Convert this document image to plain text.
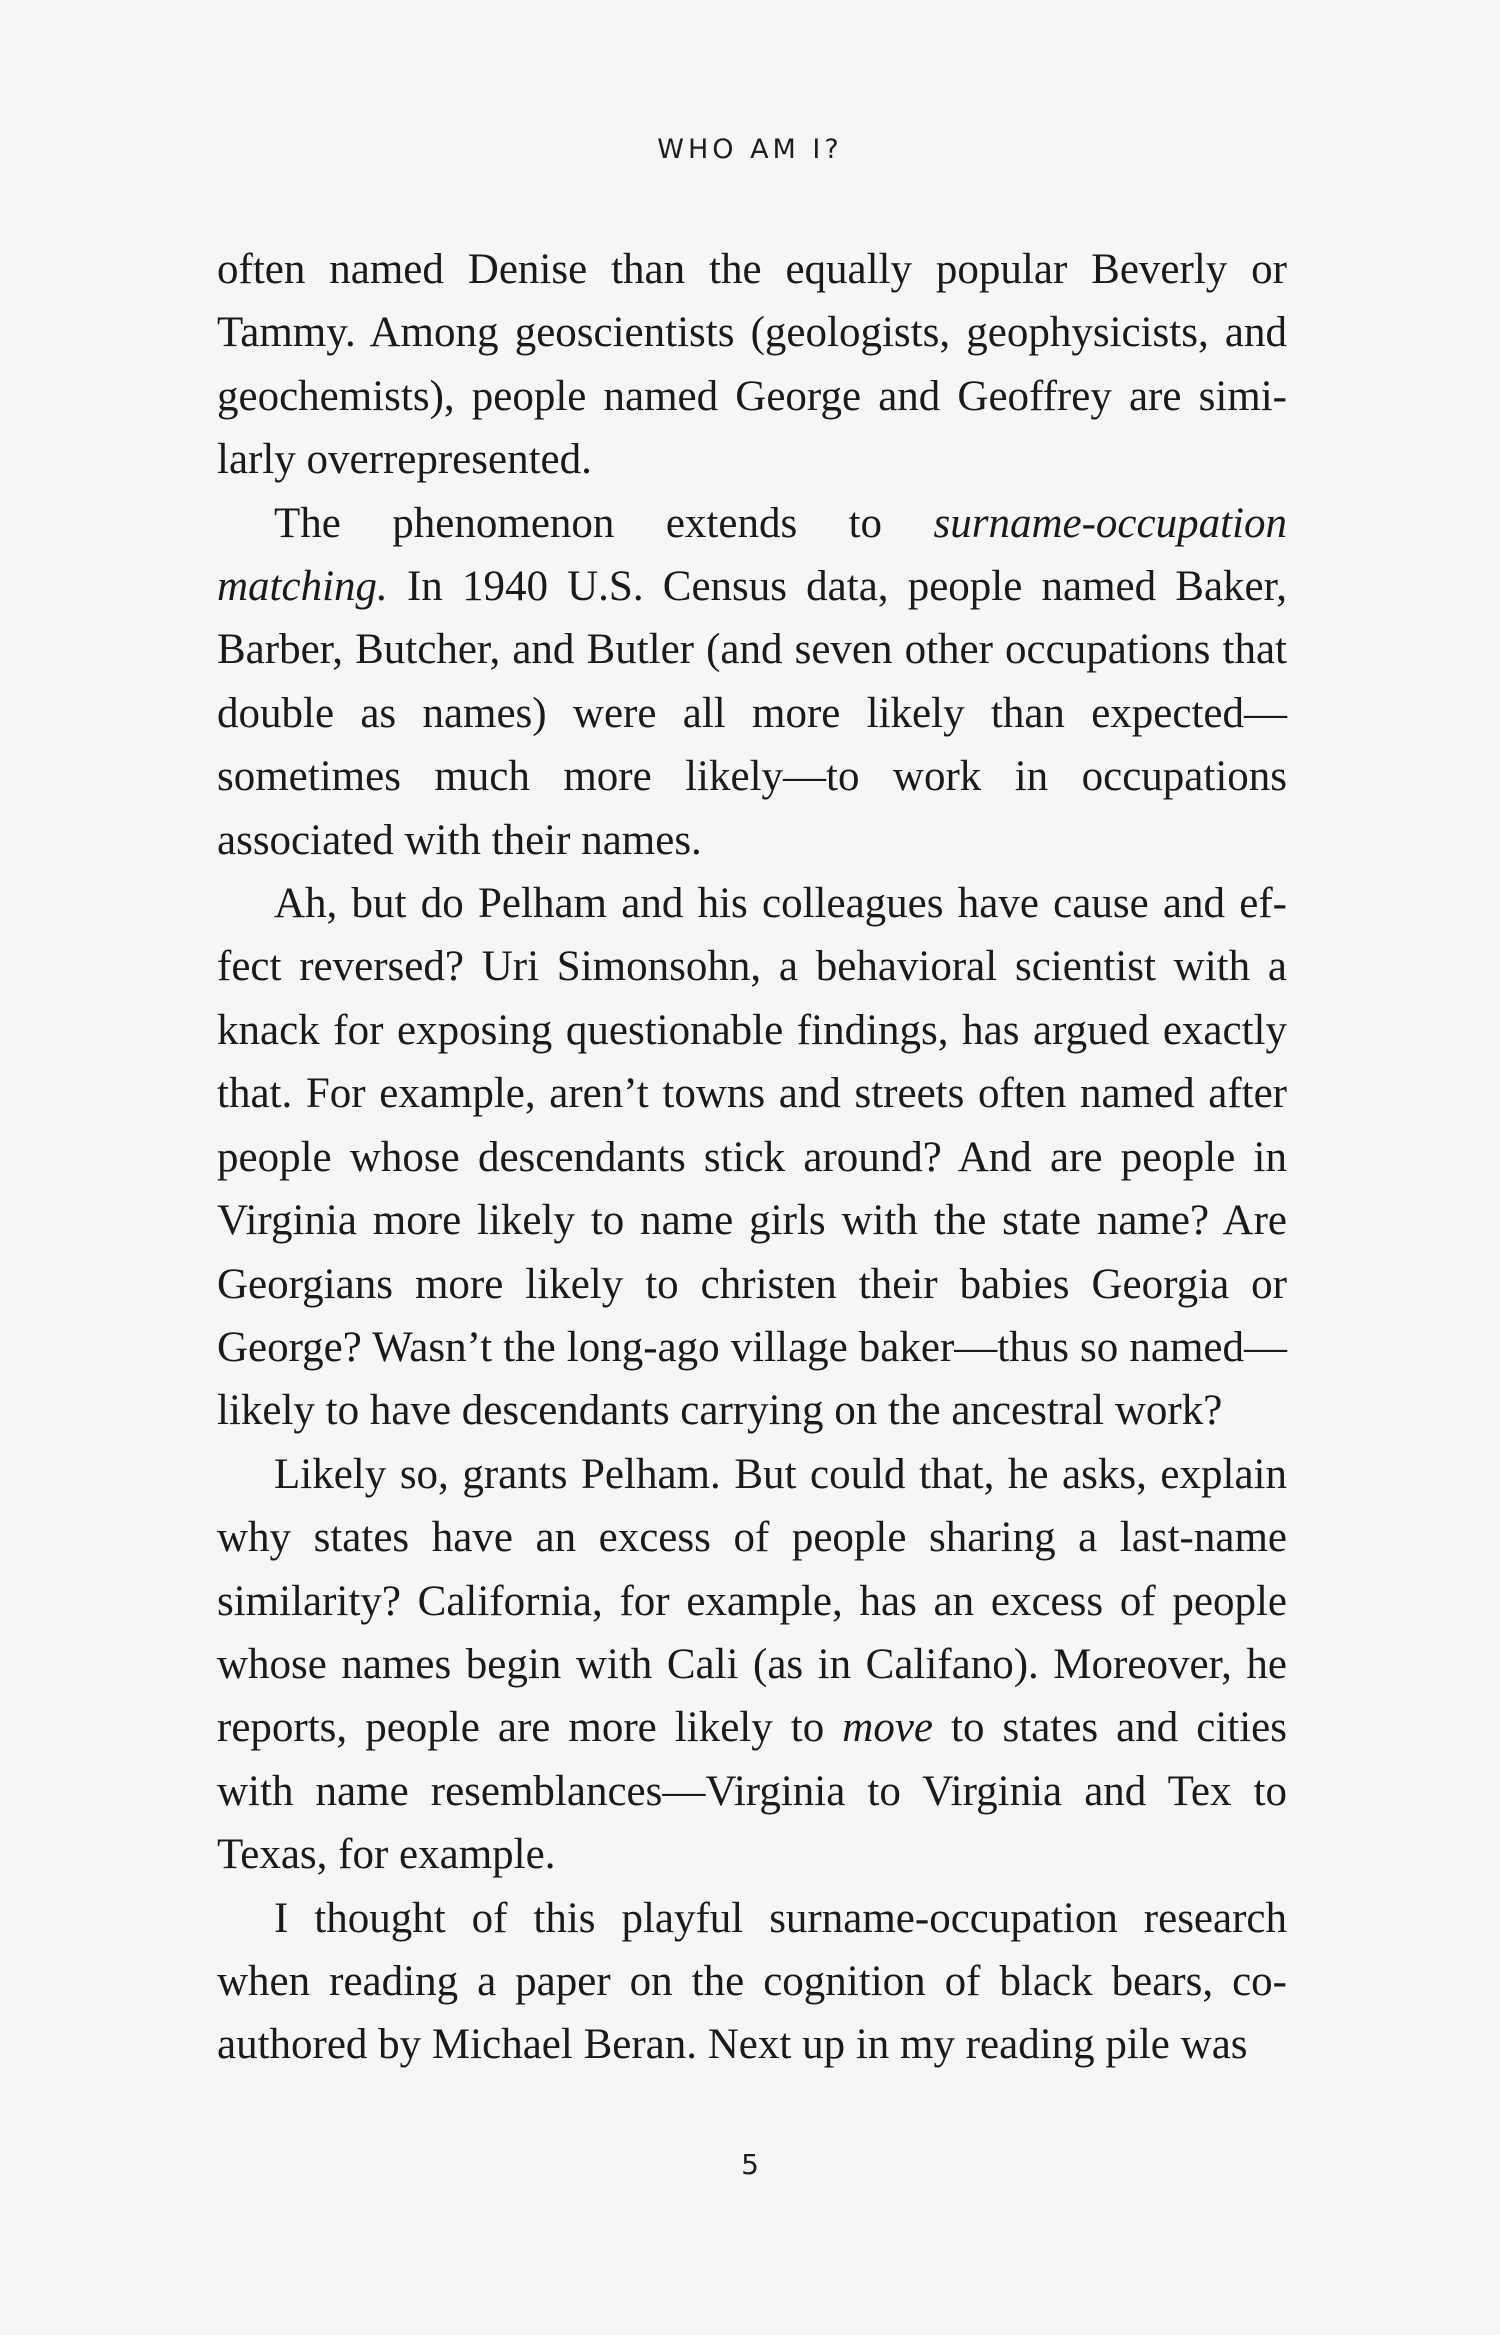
WHO AM I?

often named Denise than the equally popular Beverly or Tammy. Among geoscientists (geologists, geophysicists, and geochemists), people named George and Geoffrey are similarly overrepresented.

The phenomenon extends to surname-occupation matching. In 1940 U.S. Census data, people named Baker, Barber, Butcher, and Butler (and seven other occupations that double as names) were all more likely than expected—sometimes much more likely—to work in occupations associated with their names.

Ah, but do Pelham and his colleagues have cause and effect reversed? Uri Simonsohn, a behavioral scientist with a knack for exposing questionable findings, has argued exactly that. For example, aren’t towns and streets often named after people whose descendants stick around? And are people in Virginia more likely to name girls with the state name? Are Georgians more likely to christen their babies Georgia or George? Wasn’t the long-ago village baker—thus so named— likely to have descendants carrying on the ancestral work?

Likely so, grants Pelham. But could that, he asks, explain why states have an excess of people sharing a last-name similarity? California, for example, has an excess of people whose names begin with Cali (as in Califano). Moreover, he reports, people are more likely to move to states and cities with name resemblances—Virginia to Virginia and Tex to Texas, for example.

I thought of this playful surname-occupation research when reading a paper on the cognition of black bears, coauthored by Michael Beran. Next up in my reading pile was

5
